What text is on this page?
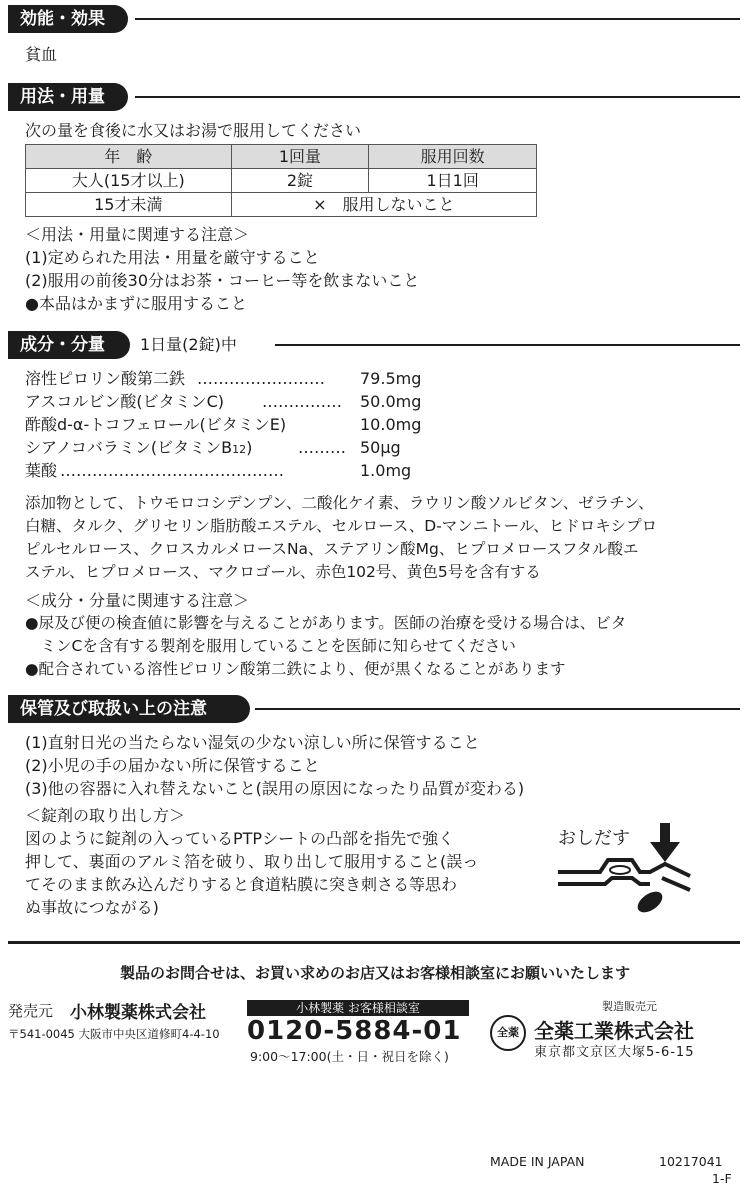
効能・効果
貧血
用法・用量
次の量を食後に水又はお湯で服用してください
年　齢	1回量	服用回数
大人(15才以上)	2錠	1日1回
15才未満	×　服用しないこと	
＜用法・用量に関連する注意＞
(1)定められた用法・用量を厳守すること
(2)服用の前後30分はお茶・コーヒー等を飲まないこと
●本品はかまずに服用すること
成分・分量	1日量(2錠)中
溶性ピロリン酸第二鉄 ……………………	79.5mg
アスコルビン酸(ビタミンC) ……………	50.0mg
酢酸d-α-トコフェロール(ビタミンE)	10.0mg
シアノコバラミン(ビタミンB12)	……… 50μg
葉酸 ……………………………………	1.0mg
添加物として、トウモロコシデンプン、二酸化ケイ素、ラウリン酸ソルビタン、ゼラチン、
白糖、タルク、グリセリン脂肪酸エステル、セルロース、D-マンニトール、ヒドロキシプロ
ピルセルロース、クロスカルメロースNa、ステアリン酸Mg、ヒプロメロースフタル酸エ
ステル、ヒプロメロース、マクロゴール、赤色102号、黄色5号を含有する
＜成分・分量に関連する注意＞
●尿及び便の検査値に影響を与えることがあります。医師の治療を受ける場合は、ビタ
　ミンCを含有する製剤を服用していることを医師に知らせてください
●配合されている溶性ピロリン酸第二鉄により、便が黒くなることがあります
保管及び取扱い上の注意
(1)直射日光の当たらない湿気の少ない涼しい所に保管すること
(2)小児の手の届かない所に保管すること
(3)他の容器に入れ替えないこと(誤用の原因になったり品質が変わる)
＜錠剤の取り出し方＞
図のように錠剤の入っているPTPシートの凸部を指先で強く
押して、裏面のアルミ箔を破り、取り出して服用すること(誤っ
てそのまま飲み込んだりすると食道粘膜に突き刺さる等思わ
ぬ事故につながる)
おしだす
製品のお問合せは、お買い求めのお店又はお客様相談室にお願いいたします
発売元 小林製薬株式会社
〒541-0045 大阪市中央区道修町4-4-10
小林製薬 お客様相談室
0120-5884-01
9:00〜17:00(土・日・祝日を除く)
製造販売元
全薬 全薬工業株式会社
東京都文京区大塚5-6-15
MADE IN JAPAN	10217041
1-F
